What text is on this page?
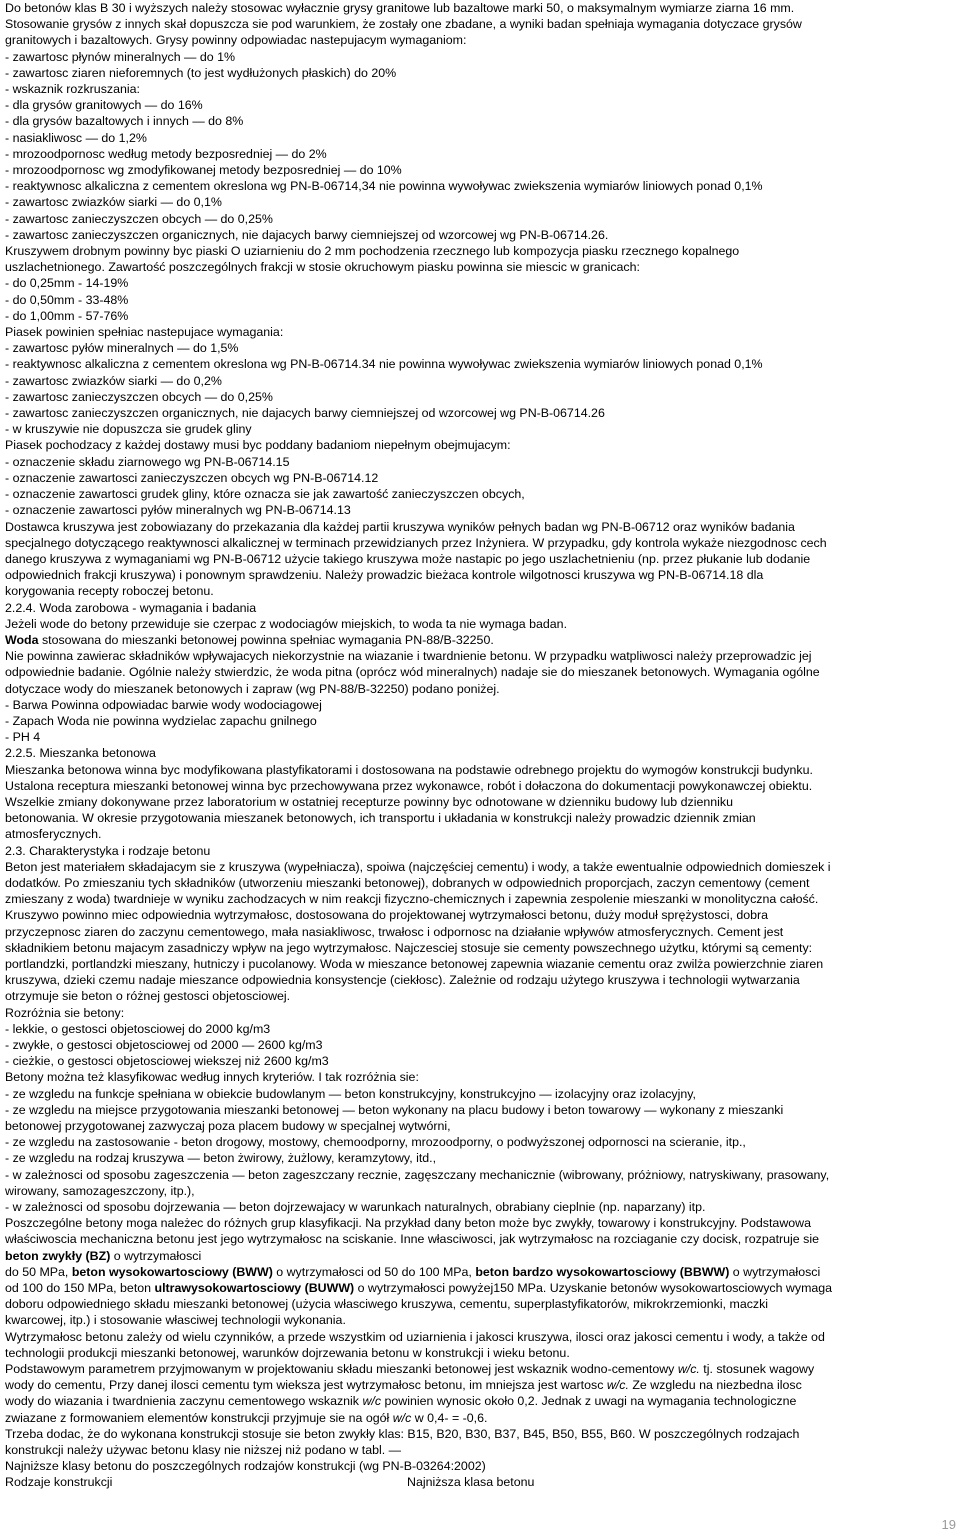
Do betonów klas B 30 i wyższych należy stosowac wyłacznie grysy granitowe lub bazaltowe marki 50, o maksymalnym wymiarze ziarna 16 mm.
Stosowanie grysów z innych skał dopuszcza sie pod warunkiem, że zostały one zbadane, a wyniki badan spełniaja wymagania dotyczace grysów
granitowych i bazaltowych. Grysy powinny odpowiadac nastepujacym wymaganiom:
- zawartosc płynów mineralnych — do 1%
- zawartosc ziaren nieforemnych (to jest wydłużonych płaskich) do 20%
- wskaznik rozkruszania:
- dla grysów granitowych — do 16%
- dla grysów bazaltowych i innych — do 8%
- nasiakliwosc — do 1,2%
- mrozoodpornosc według metody bezposredniej — do 2%
- mrozoodpornosc wg zmodyfikowanej metody bezposredniej — do 10%
- reaktywnosc alkaliczna z cementem okreslona wg PN-B-06714,34 nie powinna wywoływac zwiekszenia wymiarów liniowych ponad 0,1%
- zawartosc zwiazków siarki — do 0,1%
- zawartosc zanieczyszczen obcych — do 0,25%
- zawartosc zanieczyszczen organicznych, nie dajacych barwy ciemniejszej od wzorcowej wg PN-B-06714.26.
Kruszywem drobnym powinny byc piaski O uziarnieniu do 2 mm pochodzenia rzecznego lub kompozycja piasku rzecznego kopalnego
uszlachetnionego. Zawartość poszczególnych frakcji w stosie okruchowym piasku powinna sie miescic w granicach:
- do 0,25mm - 14-19%
- do 0,50mm - 33-48%
- do 1,00mm - 57-76%
Piasek powinien spełniac nastepujace wymagania:
- zawartosc pyłów mineralnych — do 1,5%
- reaktywnosc alkaliczna z cementem okreslona wg PN-B-06714.34 nie powinna wywoływac zwiekszenia wymiarów liniowych ponad 0,1%
- zawartosc zwiazków siarki — do 0,2%
- zawartosc zanieczyszczen obcych — do 0,25%
- zawartosc zanieczyszczen organicznych, nie dajacych barwy ciemniejszej od wzorcowej wg PN-B-06714.26
- w kruszywie nie dopuszcza sie grudek gliny
Piasek pochodzacy z każdej dostawy musi byc poddany badaniom niepełnym obejmujacym:
- oznaczenie składu ziarnowego wg PN-B-06714.15
- oznaczenie zawartosci zanieczyszczen obcych wg PN-B-06714.12
- oznaczenie zawartosci grudek gliny, które oznacza sie jak zawartość zanieczyszczen obcych,
- oznaczenie zawartosci pyłów mineralnych wg PN-B-06714.13
Dostawca kruszywa jest zobowiazany do przekazania dla każdej partii kruszywa wyników pełnych badan wg PN-B-06712 oraz wyników badania
specjalnego dotyczącego reaktywnosci alkalicznej w terminach przewidzianych przez Inżyniera. W przypadku, gdy kontrola wykaże niezgodnosc cech
danego kruszywa z wymaganiami wg PN-B-06712 użycie takiego kruszywa może nastapic po jego uszlachetnieniu (np. przez płukanie lub dodanie
odpowiednich frakcji kruszywa) i ponownym sprawdzeniu. Należy prowadzic bieżaca kontrole wilgotnosci kruszywa wg PN-B-06714.18 dla
korygowania recepty roboczej betonu.
2.2.4. Woda zarobowa - wymagania i badania
Jeżeli wode do betony przewiduje sie czerpac z wodociagów miejskich, to woda ta nie wymaga badan.
Woda stosowana do mieszanki betonowej powinna spełniac wymagania PN-88/B-32250.
Nie powinna zawierac składników wpływajacych niekorzystnie na wiazanie i twardnienie betonu. W przypadku watpliwosci należy przeprowadzic jej
odpowiednie badanie. Ogólnie należy stwierdzic, że woda pitna (oprócz wód mineralnych) nadaje sie do mieszanek betonowych. Wymagania ogólne
dotyczace wody do mieszanek betonowych i zapraw (wg PN-88/B-32250) podano poniżej.
- Barwa Powinna odpowiadac barwie wody wodociagowej
- Zapach Woda nie powinna wydzielac zapachu gnilnego
- PH 4
2.2.5. Mieszanka betonowa
Mieszanka betonowa winna byc modyfikowana plastyfikatorami i dostosowana na podstawie odrebnego projektu do wymogów konstrukcji budynku.
Ustalona receptura mieszanki betonowej winna byc przechowywana przez wykonawce, robót i dołaczona do dokumentacji powykonawczej obiektu.
Wszelkie zmiany dokonywane przez laboratorium w ostatniej recepturze powinny byc odnotowane w dzienniku budowy lub dzienniku
betonowania. W okresie przygotowania mieszanek betonowych, ich transportu i układania w konstrukcji należy prowadzic dziennik zmian
atmosferycznych.
2.3. Charakterystyka i rodzaje betonu
Beton jest materiałem składajacym sie z kruszywa (wypełniacza), spoiwa (najczęściej cementu) i wody, a także ewentualnie odpowiednich domieszek i
dodatków. Po zmieszaniu tych składników (utworzeniu mieszanki betonowej), dobranych w odpowiednich proporcjach, zaczyn cementowy (cement
zmieszany z woda) twardnieje w wyniku zachodzacych w nim reakcji fizyczno-chemicznych i zapewnia zespolenie mieszanki w monolityczna całość.
Kruszywo powinno miec odpowiednia wytrzymałosc, dostosowana do projektowanej wytrzymałosci betonu, duży moduł sprężystosci, dobra
przyczepnosc ziaren do zaczynu cementowego, mała nasiakliwosc, trwałosc i odpornosc na działanie wpływów atmosferycznych. Cement jest
składnikiem betonu majacym zasadniczy wpływ na jego wytrzymałosc. Najczesciej stosuje sie cementy powszechnego użytku, którymi są cementy:
portlandzki, portlandzki mieszany, hutniczy i pucolanowy. Woda w mieszance betonowej zapewnia wiazanie cementu oraz zwilża powierzchnie ziaren
kruszywa, dzieki czemu nadaje mieszance odpowiednia konsystencje (ciekłosc). Zależnie od rodzaju użytego kruszywa i technologii wytwarzania
otrzymuje sie beton o różnej gestosci objetosciowej.
Rozróżnia sie betony:
- lekkie, o gestosci objetosciowej do 2000 kg/m3
- zwykłe, o gestosci objetosciowej od 2000 — 2600 kg/m3
- cieżkie, o gestosci objetosciowej wiekszej niż 2600 kg/m3
Betony można też klasyfikowac według innych kryteriów. I tak rozróżnia sie:
- ze wzgledu na funkcje spełniana w obiekcie budowlanym — beton konstrukcyjny, konstrukcyjno — izolacyjny oraz izolacyjny,
- ze wzgledu na miejsce przygotowania mieszanki betonowej — beton wykonany na placu budowy i beton towarowy — wykonany z mieszanki
betonowej przygotowanej zazwyczaj poza placem budowy w specjalnej wytwórni,
- ze wzgledu na zastosowanie - beton drogowy, mostowy, chemoodporny, mrozoodporny, o podwyższonej odpornosci na scieranie, itp.,
- ze wzgledu na rodzaj kruszywa — beton żwirowy, żużlowy, keramzytowy, itd.,
- w zależnosci od sposobu zageszczenia — beton zageszczany recznie, zagęszczany mechanicznie (wibrowany, próżniowy, natryskiwany, prasowany,
wirowany, samozageszczony, itp.),
- w zależnosci od sposobu dojrzewania — beton dojrzewajacy w warunkach naturalnych, obrabiany cieplnie (np. naparzany) itp.
Poszczególne betony moga należec do różnych grup klasyfikacji. Na przykład dany beton może byc zwykły, towarowy i konstrukcyjny. Podstawowa
właściwoscia mechaniczna betonu jest jego wytrzymałosc na sciskanie. Inne własciwosci, jak wytrzymałosc na rozciaganie czy docisk, rozpatruje sie
beton zwykły (BZ) o wytrzymałosci
do 50 MPa, beton wysokowartosciowy (BWW) o wytrzymałosci od 50 do 100 MPa, beton bardzo wysokowartosciowy (BBWW) o wytrzymałosci
od 100 do 150 MPa, beton ultrawysokowartosciowy (BUWW) o wytrzymałosci powyżej150 MPa. Uzyskanie betonów wysokowartosciowych wymaga
doboru odpowiedniego składu mieszanki betonowej (użycia własciwego kruszywa, cementu, superplastyfikatorów, mikrokrzemionki, maczki
kwarcowej, itp.) i stosowanie własciwej technologii wykonania.
Wytrzymałosc betonu zależy od wielu czynników, a przede wszystkim od uziarnienia i jakosci kruszywa, ilosci oraz jakosci cementu i wody, a także od
technologii produkcji mieszanki betonowej, warunków dojrzewania betonu w konstrukcji i wieku betonu.
Podstawowym parametrem przyjmowanym w projektowaniu składu mieszanki betonowej jest wskaznik wodno-cementowy w/c. tj. stosunek wagowy
wody do cementu, Przy danej ilosci cementu tym wieksza jest wytrzymałosc betonu, im mniejsza jest wartosc w/c. Ze wzgledu na niezbedna ilosc
wody do wiazania i twardnienia zaczynu cementowego wskaznik w/c powinien wynosic około 0,2. Jednak z uwagi na wymagania technologiczne
zwiazane z formowaniem elementów konstrukcji przyjmuje sie na ogół w/c w 0,4- = -0,6.
Trzeba dodac, że do wykonana konstrukcji stosuje sie beton zwykły klas: B15, B20, B30, B37, B45, B50, B55, B60. W poszczególnych rodzajach
konstrukcji należy używac betonu klasy nie niższej niż podano w tabl. —
Najniższe klasy betonu do poszczególnych rodzajów konstrukcji (wg PN-B-03264:2002)
Rodzaje konstrukcji	Najniższa klasa betonu
19
